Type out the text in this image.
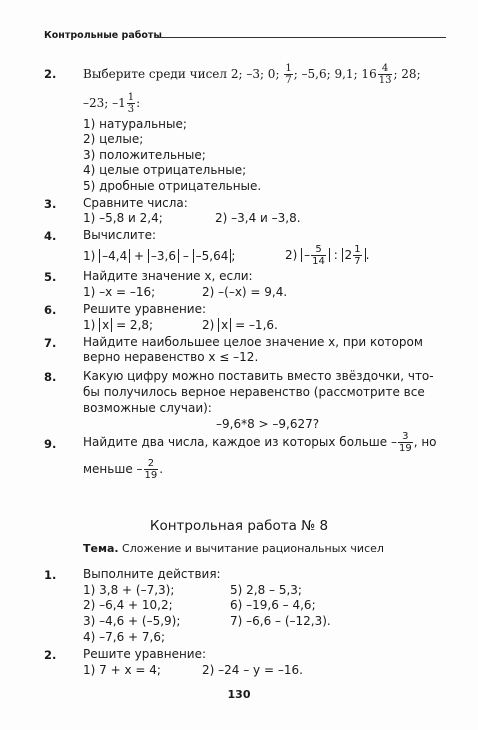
Контрольные работы
2. Выберите среди чисел 2; –3; 0; $\frac{1}{7}$ ; –5,6; 9,1; $16 \frac{4}{13}$ ; 28;
–23; $-1 \frac{1}{3}$ :
1) натуральные;
2) целые;
3) положительные;
4) целые отрицательные;
5) дробные отрицательные.
3. Сравните числа:
1) –5,8 и 2,4;	2) –3,4 и –3,8.
4. Вычислите:
1) –4,4 + –3,6 – –5,64 ;	$2) - \frac{5}{14}$ : $2 \frac{1}{7}$ .
5. Найдите значение x, если:
1) –x = –16;	2) –(–x) = 9,4.
6. Решите уравнение:
1) x = 2,8;	2) x = –1,6.
7. Найдите наибольшее целое значение x, при котором
верно неравенство x ≤ –12.
8. Какую цифру можно поставить вместо звёздочки, что-
бы получилось верное неравенство (рассмотрите все
возможные случаи):
–9,6*8 > –9,627?
9. Найдите два числа, каждое из которых больше – $\frac{3}{19}$ , но
меньше – $\frac{2}{19}$ .
Контрольная работа № 8
Тема. Сложение и вычитание рациональных чисел
1. Выполните действия:
1) 3,8 + (–7,3);	5) 2,8 – 5,3;
2) –6,4 + 10,2;	6) –19,6 – 4,6;
3) –4,6 + (–5,9);	7) –6,6 – (–12,3).
4) –7,6 + 7,6;
2. Решите уравнение:
1) 7 + x = 4;	2) –24 – y = –16.
130
